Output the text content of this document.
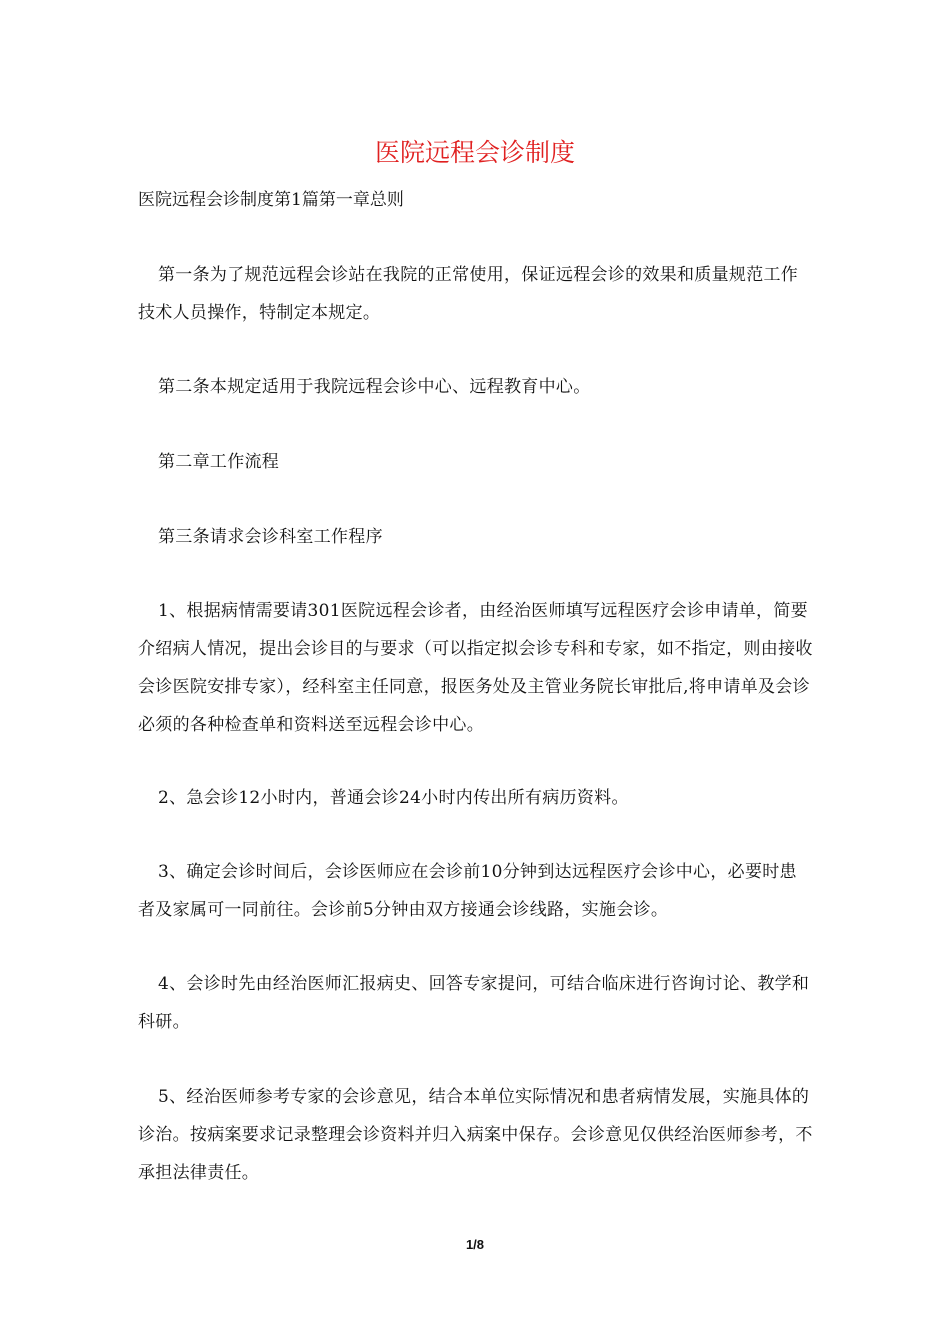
医院远程会诊制度
医院远程会诊制度第1篇第一章总则

第一条为了规范远程会诊站在我院的正常使用，保证远程会诊的效果和质量规范工作技术人员操作，特制定本规定。

第二条本规定适用于我院远程会诊中心、远程教育中心。

第二章工作流程

第三条请求会诊科室工作程序

1、根据病情需要请301医院远程会诊者，由经治医师填写远程医疗会诊申请单，简要介绍病人情况，提出会诊目的与要求（可以指定拟会诊专科和专家，如不指定，则由接收会诊医院安排专家），经科室主任同意，报医务处及主管业务院长审批后,将申请单及会诊必须的各种检查单和资料送至远程会诊中心。

2、急会诊12小时内，普通会诊24小时内传出所有病历资料。

3、确定会诊时间后，会诊医师应在会诊前10分钟到达远程医疗会诊中心，必要时患者及家属可一同前往。会诊前5分钟由双方接通会诊线路，实施会诊。

4、会诊时先由经治医师汇报病史、回答专家提问，可结合临床进行咨询讨论、教学和科研。

5、经治医师参考专家的会诊意见，结合本单位实际情况和患者病情发展，实施具体的诊治。按病案要求记录整理会诊资料并归入病案中保存。会诊意见仅供经治医师参考，不承担法律责任。

1/8
